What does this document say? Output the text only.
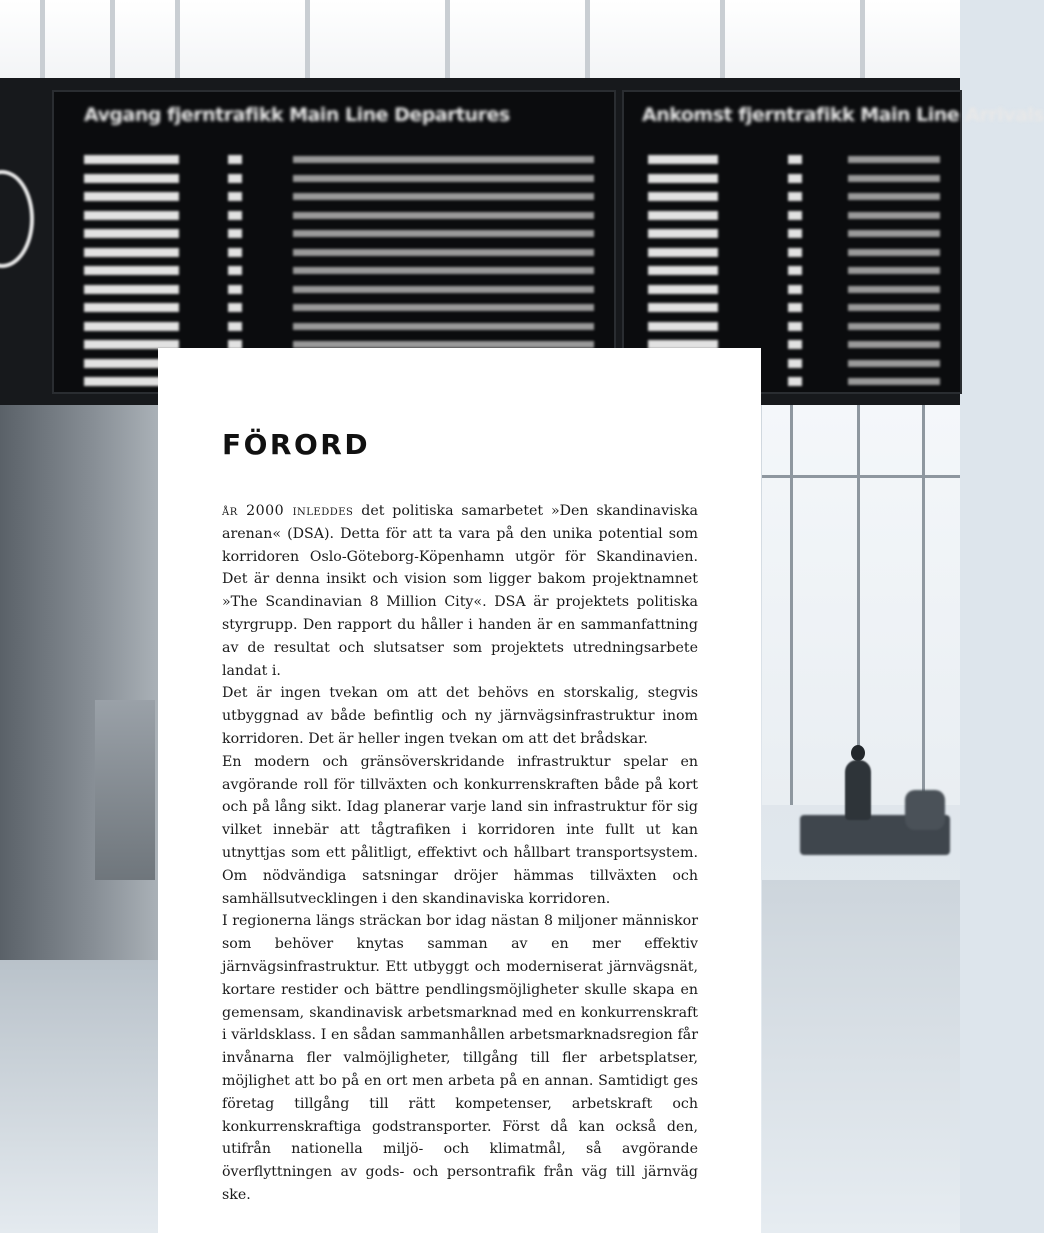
Avgang fjerntrafikk Main Line Departures	Ankomst fjerntrafikk Main Line Arrivals
FÖRORD

år 2000 inleddes det politiska samarbetet »Den skandinaviska arenan« (DSA). Detta för att ta vara på den unika potential som korridoren Oslo-Göteborg-Köpenhamn utgör för Skandinavien. Det är denna insikt och vision som ligger bakom projektnamnet »The Scandinavian 8 Million City«. DSA är projektets politiska styrgrupp. Den rapport du håller i handen är en sammanfattning av de resultat och slutsatser som projektets utredningsarbete landat i.

Det är ingen tvekan om att det behövs en storskalig, stegvis utbyggnad av både befintlig och ny järnvägsinfrastruktur inom korridoren. Det är heller ingen tvekan om att det brådskar.

En modern och gränsöverskridande infrastruktur spelar en avgörande roll för tillväxten och konkurrenskraften både på kort och på lång sikt. Idag planerar varje land sin infrastruktur för sig vilket innebär att tågtrafiken i korridoren inte fullt ut kan utnyttjas som ett pålitligt, effektivt och hållbart transportsystem. Om nödvändiga satsningar dröjer hämmas tillväxten och samhällsutvecklingen i den skandinaviska korridoren.

I regionerna längs sträckan bor idag nästan 8 miljoner människor som behöver knytas samman av en mer effektiv järnvägsinfrastruktur. Ett utbyggt och moderniserat järnvägsnät, kortare restider och bättre pendlingsmöjligheter skulle skapa en gemensam, skandinavisk arbetsmarknad med en konkurrenskraft i världsklass. I en sådan sammanhållen arbetsmarknadsregion får invånarna fler valmöjligheter, tillgång till fler arbetsplatser, möjlighet att bo på en ort men arbeta på en annan. Samtidigt ges företag tillgång till rätt kompetenser, arbetskraft och konkurrenskraftiga godstransporter. Först då kan också den, utifrån nationella miljö- och klimatmål, så avgörande överflyttningen av gods- och persontrafik från väg till järnväg ske.
